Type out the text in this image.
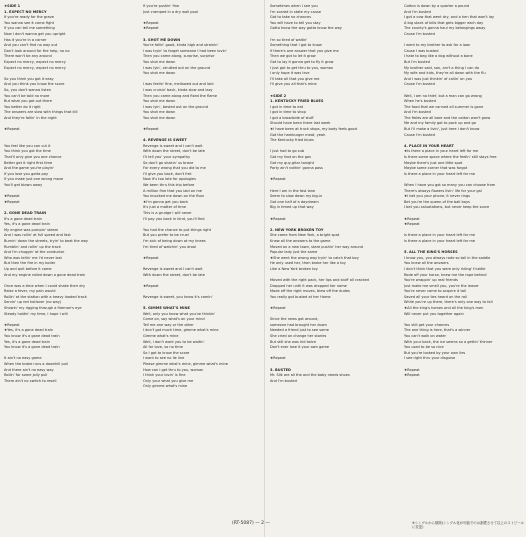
★SIDE 1
1. EXPECT NO MERCY
If you're ready for the grave
You wanna see it come fight
If you can tell me something
Now I don't wanna get you upright
Has it you're in a corner
And you can't find no way out
Don't look around for the help, no no
There won't be any around
Expect no mercy, expect no mercy
Expect no mercy, expect no mercy
So you think you got it easy
And you think you know the score
So, you don't wanna listen
You can't be told no more
But what you got out there
You better do it right
The answers are slow with things that kill
And they're fallin' in the night
★Repeat
You feel like you can cut it
You think you got the time
That'll only give you one chance
Better get it right first time
And the game you're playin'
If you lose you gotta pay
If you make just one wrong move
You'll get blown away
★Repeat
★Repeat
2. GONE DEAD TRAIN
It's a gone dead train
Yes, it's a gone dead train
My engine was pumpin' steam
And I was rollin' at full speed and fast
Burnin' down the streets, tryin' to beat the way
Rumblin' and rollin' up the track
And I'm chuggin' at the conductor
Who was tellin' me I'd never last
But then the fire in my boiler
Up and quit before it came
And my engine rolled down a gone dead train
Once was a time when I could shake their dry
Raise a fever, my pain would
Rollin' at the station with a heavy loaded track
Servin' up red hotlover (no way)
Showin' my rigging through a fireman's eye
Steady holdin' my time, I hope I will
★Repeat
★Yes, it's a gone dead train
You know it's a gone dead train
Yes, it's a gone dead train
You know it's a gone dead train
It ain't no easy game
When the brake runs a downhill pull
And there ain't no easy way
Rollin' for some jolly pull
There ain't no switch to resell
If you're pushin' fine
Just cramped in a dry wall pool
★Repeat
★Repeat
3. SHOT ME DOWN
You're fallin' good, kinda high and strainin'
I was tryin' to forget someone I had been lovin'
Then you came along, surprise, surprise
You shot me down
I was lyin', strutted out on the ground
You shot me down
I was feelin' fine, mellowed out and laid
I was cruisin' back, kinda slow and lazy
Then you came along and fixed the flame
You shot me down
I was lyin', bested out on the ground
You shot me down
You shot me down
★Repeat
4. REVENGE IS SWEET
Revenge is sweet and I can't wait
With down the street, don't be late
I'll tell you' your sympathy
So don't go shakin' us brave
For every wrong that you did to me
I'll give you back, don't fret
Now it's too late for apologies
We been thru this trip before
A million fine that you laid on me
You knocked me down on the floor
★I'm gonna get you back
It's just a matter of time
This is a grudge I will never
I'll pay you back in kind, you'll find
You had the chance to put things right
But you prefer to be cruel
I'm sick of being down at my knees
I'm tired of watchin' you drool
★Repeat
Revenge is sweet and I can't wait
With down the street, don't be late
★Repeat
Revenge is sweet, you know it's comin'
5. GIMME WHAT'S MINE
Well, only you know what you've thinkin'
Come on, say what's on your mind
Tell me one way or the other
I don't got much time, gimme what's mine
Gimme what's mine
Well, I don't want you to be waitin'
All for love, so no time
So I got to know the score
I want to see no lie line
Please gimme what's mine, gimme what's mine
How can I get thru to you, woman
I think your lovin' is fine
Only your what you give me
Only gimme what's mine
Sometimes when I see you
I'm scared in state my cause
Got to take no chances
You will have to tell you stay
Gotta know the way gotta know the way
I'm so tired of waitin'
Something that I got to know
If there's one answer that you give me
Then we got to let it grow
Got to lay it gonna get to fly it grow
I just got to get thru to you, woman
I only hope it was true
I'll take all that you give me
I'll give you all that's mine
★SIDE 2
1. KENTUCKY FRIED BLUES
I got in time to eat
I got in time to shop
I got a broadside of stuff
Should have been there last week
★I have been at truck stops, my body feels good
Got the hamburger meat, yeah
The Kentucky fried blues
I just had to go sub
Got my foot on the gas
Got my guy-gitar tonight
Party ain't nothin' gonna pass
★Repeat
Here I am in the fast lane
Seem to slow down my big-in
Got one half of a daydream
Big in timed up that way
★Repeat
2. NEW YORK BROKEN TOY
She came from New York, a bright spot
Knew all the answers to the game
Moved on a new town, stare pushin' her way around
Popular lady just the same
★She went the wrong way tryin' to catch that boy
He only used her, then broke her like a toy
Like a New York broken toy
Moved with the right pack, her lips and stuff all cracked
Dropped her until it was dropped her name
Made off the right moves, blew off the dudes
You really got busted at her Home
★Repeat
Since the news got around,
someone had brought her down
Needed a friend just to see some
She cried on change her stories
But still she was hid twice
Don't ever lose it your own game
★Repeat
3. BUSTED
Mr. Silk are all the and the baby needs shoes
And I'm busted
Cotton is down by a quarter a pound
And I'm busted
I got a cow that went dry, and a hen that won't lay
A big stack of bills that gets bigger each day
The county's gonna haul my belongings away
Cause I'm busted
I went to my brother to ask for a loan
Cause I was busted
I hate to beg like a dog without a bone
But I'm busted
My brother said, son, ain't a thing I can do
My wife and kids, they're all down with the flu
And I was just thinkin' of callin' on you
Cause I'm busted
Well, I am no thief, but a man can go wrong
When he's busted
The food that we canned all summer is gone
And I'm busted
The fields are all bare and the cotton won't grow
Me and my family got to pack up and go
But I'll make a livin', just here I don't know
Cause I'm busted
4. PLACE IN YOUR HEART
★Is there a place in your heart left for me
Is there some space where the feelin' still stays free
Maybe there's just one little spot
Maybe some corner that was forgot
Is there a place in your heart left for me
When I have you got so many you can choose from
There's always flowers livin' life for your gal
★I bet you your phone, it never rings
Bet you're the queen of the ball boys
I bet you saluatations, but never keep the score
★Repeat
★Repeat
Is there a place in your heart left for me
Is there a place in your heart left for me
5. ALL THE KING'S HORSES
I know you, you always rode so tall in the saddle
You knew all the answers
I don't think that you were only riding' t'cattle
Rode off your horse, knew me the rope behind
You're wrappin' up real friends
Just make me smell you, you're the leaver
You're never came to acquire it tall
Saved all your lies heard on the rail
While you're up there, there's only one way to fall
★All the king's horses and all the king's men
Will never put you together again
You still get your chances
The one thing is here, that's a winner
You can't walk on water
With your back, the ice seems so a gettin' thinner
You used to be so nice
But you're looked by your own lies
I see right thru your disguise
★Repeat
★Repeat
(RT-5087) — 2 —	※シングルから削除(シングル化が可能でのは割愛させて以上のストピールに変更)
